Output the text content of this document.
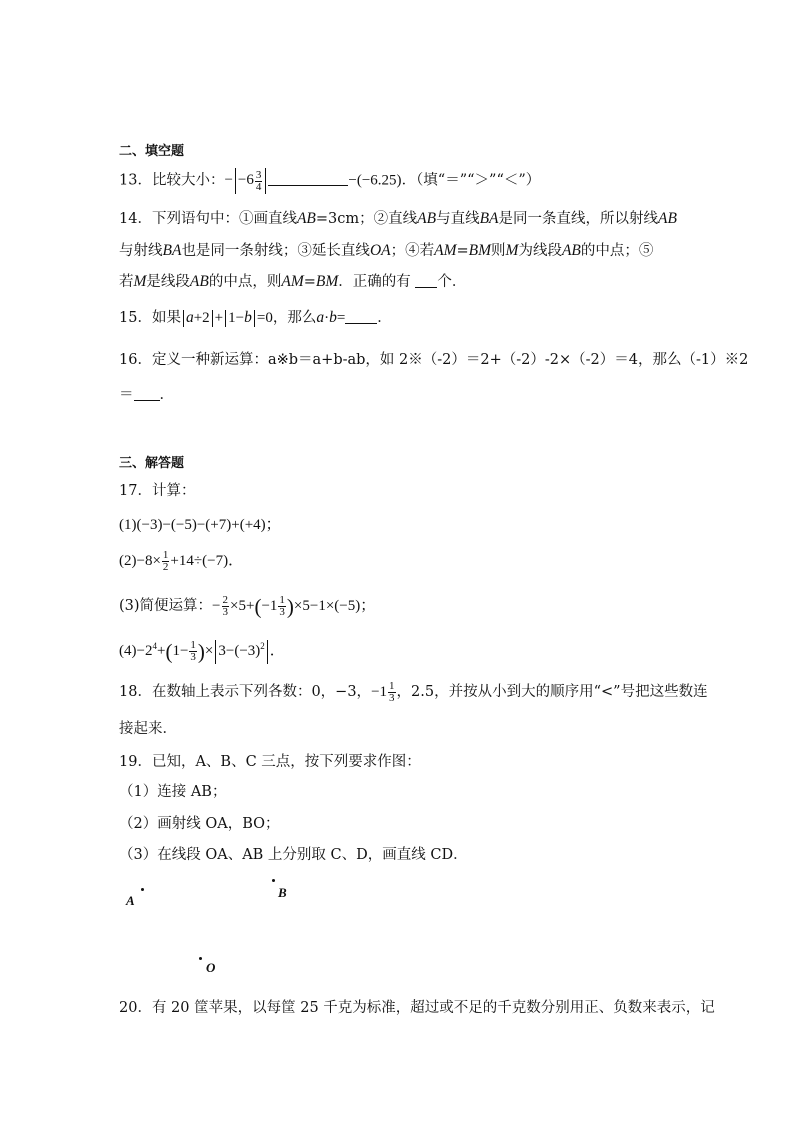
二、填空题
13．比较大小：− $-6 \frac{3}{4}$	−(−6.25)．（填“＝”“＞”“＜”）
14．下列语句中：①画直线AB=3cm；②直线AB与直线BA是同一条直线，所以射线AB
与射线BA也是同一条射线；③延长直线OA；④若AM=BM则M为线段AB的中点；⑤
若M是线段AB的中点，则AM=BM．正确的有 个．
15．如果 a+2 + 1−b =0，那么a·b= ．
16．定义一种新运算：a※b＝a+b-ab，如 2※（-2）＝2+（-2）-2×（-2）＝4，那么（-1）※2
＝ ．
三、解答题
17．计算：
(1)(−3)−(−5)−(+7)+(+4)；
$(2)-8\times \frac{1}{2} +14\div(-7)$．
(3)简便运算：− $\frac{2}{3} \times 5+(-1 \frac{1}{3} )\times 5-1\times(-5)$；
$(4)-2^4+(1- \frac{1}{3}$ )× $3-(-3)^2$ ．
18．在数轴上表示下列各数：0，−3，$-1 \frac{1}{3}$ ，2.5，并按从小到大的顺序用“<”号把这些数连
接起来．
19．已知，A、B、C 三点，按下列要求作图：
（1）连接 AB；
（2）画射线 OA，BO；
（3）在线段 OA、AB 上分别取 C、D，画直线 CD．
A
B
O
20．有 20 筐苹果，以每筐 25 千克为标准，超过或不足的千克数分别用正、负数来表示，记
